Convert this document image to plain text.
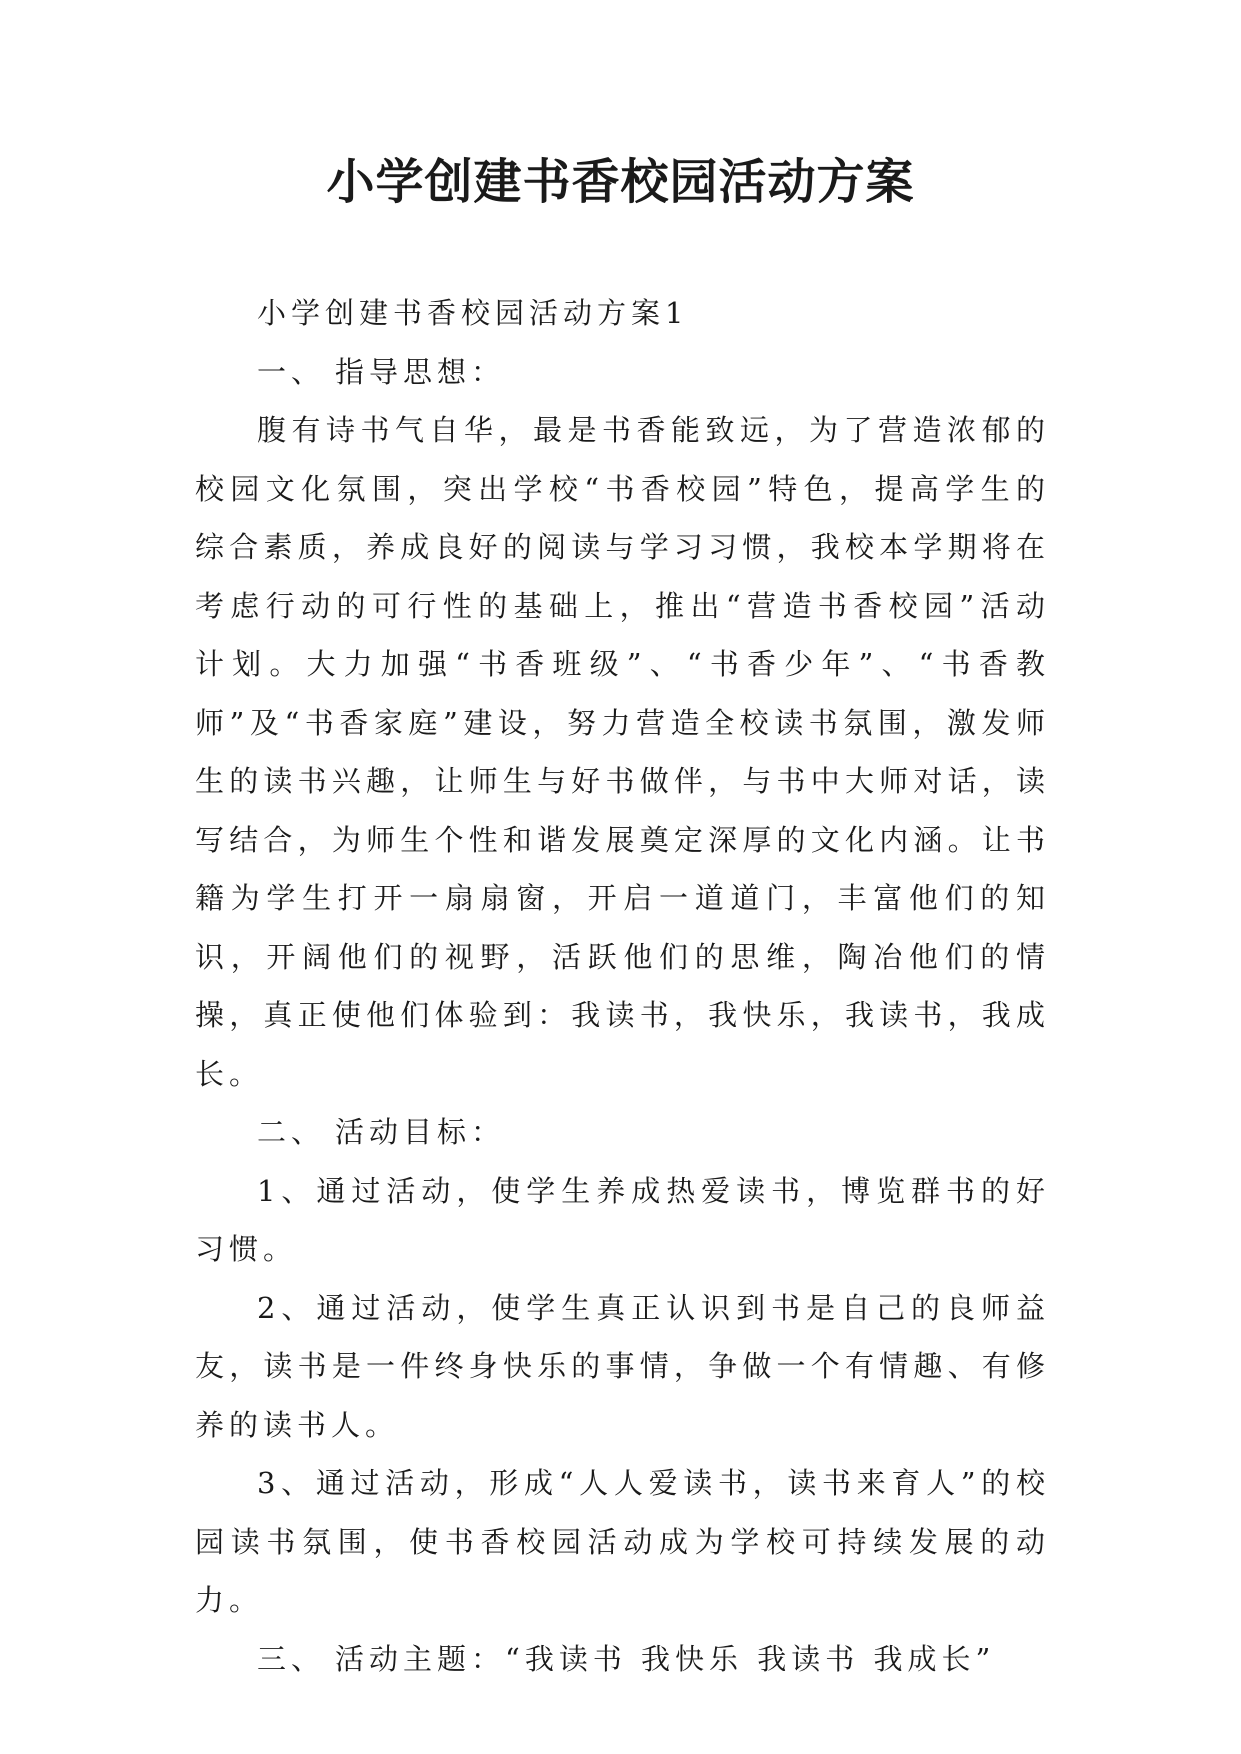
小学创建书香校园活动方案

小学创建书香校园活动方案1

一、 指导思想：

腹有诗书气自华，最是书香能致远，为了营造浓郁的校园文化氛围，突出学校“书香校园”特色，提高学生的综合素质，养成良好的阅读与学习习惯，我校本学期将在考虑行动的可行性的基础上，推出“营造书香校园”活动计划。大力加强“书香班级”、“书香少年”、“书香教师”及“书香家庭”建设，努力营造全校读书氛围，激发师生的读书兴趣，让师生与好书做伴，与书中大师对话，读写结合，为师生个性和谐发展奠定深厚的文化内涵。让书籍为学生打开一扇扇窗，开启一道道门，丰富他们的知识，开阔他们的视野，活跃他们的思维，陶冶他们的情操，真正使他们体验到：我读书，我快乐，我读书，我成长。

二、 活动目标：

1、通过活动，使学生养成热爱读书，博览群书的好习惯。

2、通过活动，使学生真正认识到书是自己的良师益友，读书是一件终身快乐的事情，争做一个有情趣、有修养的读书人。

3、通过活动，形成“人人爱读书，读书来育人”的校园读书氛围，使书香校园活动成为学校可持续发展的动力。

三、 活动主题：“我读书 我快乐 我读书 我成长”
